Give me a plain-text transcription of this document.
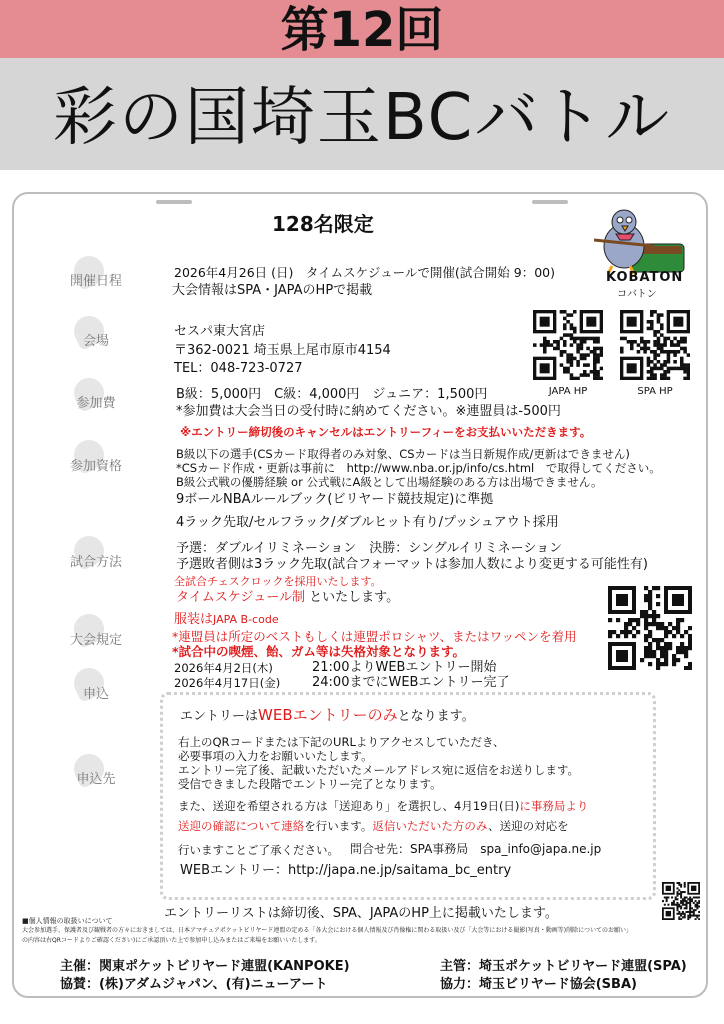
第12回
彩の国埼玉BCバトル
128名限定
KOBATON
コバトン
JAPA HP	SPA HP
開催日程
会場
参加費
参加資格
試合方法
大会規定
申込
申込先
2026年4月26日 (日)　タイムスケジュールで開催(試合開始 9：00)
大会情報はSPA・JAPAのHPで掲載
セスパ東大宮店
〒362-0021 埼玉県上尾市原市4154
TEL：048-723-0727
B級：5,000円　C級：4,000円　ジュニア：1,500円
*参加費は大会当日の受付時に納めてください。※連盟員は-500円
※エントリー締切後のキャンセルはエントリーフィーをお支払いいただきます。
B級以下の選手(CSカード取得者のみ対象、CSカードは当日新規作成/更新はできません)
*CSカード作成・更新は事前に　http://www.nba.or.jp/info/cs.html　で取得してください。
B級公式戦の優勝経験 or 公式戦にA級として出場経験のある方は出場できません。
9ボールNBAルールブック(ビリヤード競技規定)に準拠
4ラック先取/セルフラック/ダブルヒット有り/プッシュアウト採用
予選：ダブルイリミネーション　決勝：シングルイリミネーション
予選敗者側は3ラック先取(試合フォーマットは参加人数により変更する可能性有)
全試合チェスクロックを採用いたします。
タイムスケジュール制 といたします。
服装はJAPA B-code
*連盟員は所定のベストもしくは連盟ポロシャツ、またはワッペンを着用
*試合中の喫煙、飴、ガム等は失格対象となります。
2026年4月2日(木)	21:00よりWEBエントリー開始
2026年4月17日(金) 24:00までにWEBエントリー完了
エントリーはWEBエントリーのみとなります。
右上のQRコードまたは下記のURLよりアクセスしていただき、
必要事項の入力をお願いいたします。
エントリー完了後、記載いただいたメールアドレス宛に返信をお送りします。
受信できました段階でエントリー完了となります。
また、送迎を希望される方は「送迎あり」を選択し、4月19日(日)に事務局より
送迎の確認について連絡を行います。返信いただいた方のみ、送迎の対応を
行いますことご了承ください。 問合せ先：SPA事務局　spa_info@japa.ne.jp
WEBエントリー：http://japa.ne.jp/saitama_bc_entry
エントリーリストは締切後、SPA、JAPAのHP上に掲載いたします。
■個人情報の取扱いについて
大会参加選手、保護者及び観戦者の方々におきましては、日本アマチュアポケットビリヤード連盟の定める「各大会における個人情報及び肖像権に関わる取扱い及び「大会等における撮影(写真・動画等)削除についてのお願い」
の内容は右QRコードよりご確認ください)にご承認頂いた上で参加申し込みまたはご来場をお願いいたします。
主催：関東ポケットビリヤード連盟(KANPOKE)
協賛：(株)アダムジャパン、(有)ニューアート
主管：埼玉ポケットビリヤード連盟(SPA)
協力：埼玉ビリヤード協会(SBA)
